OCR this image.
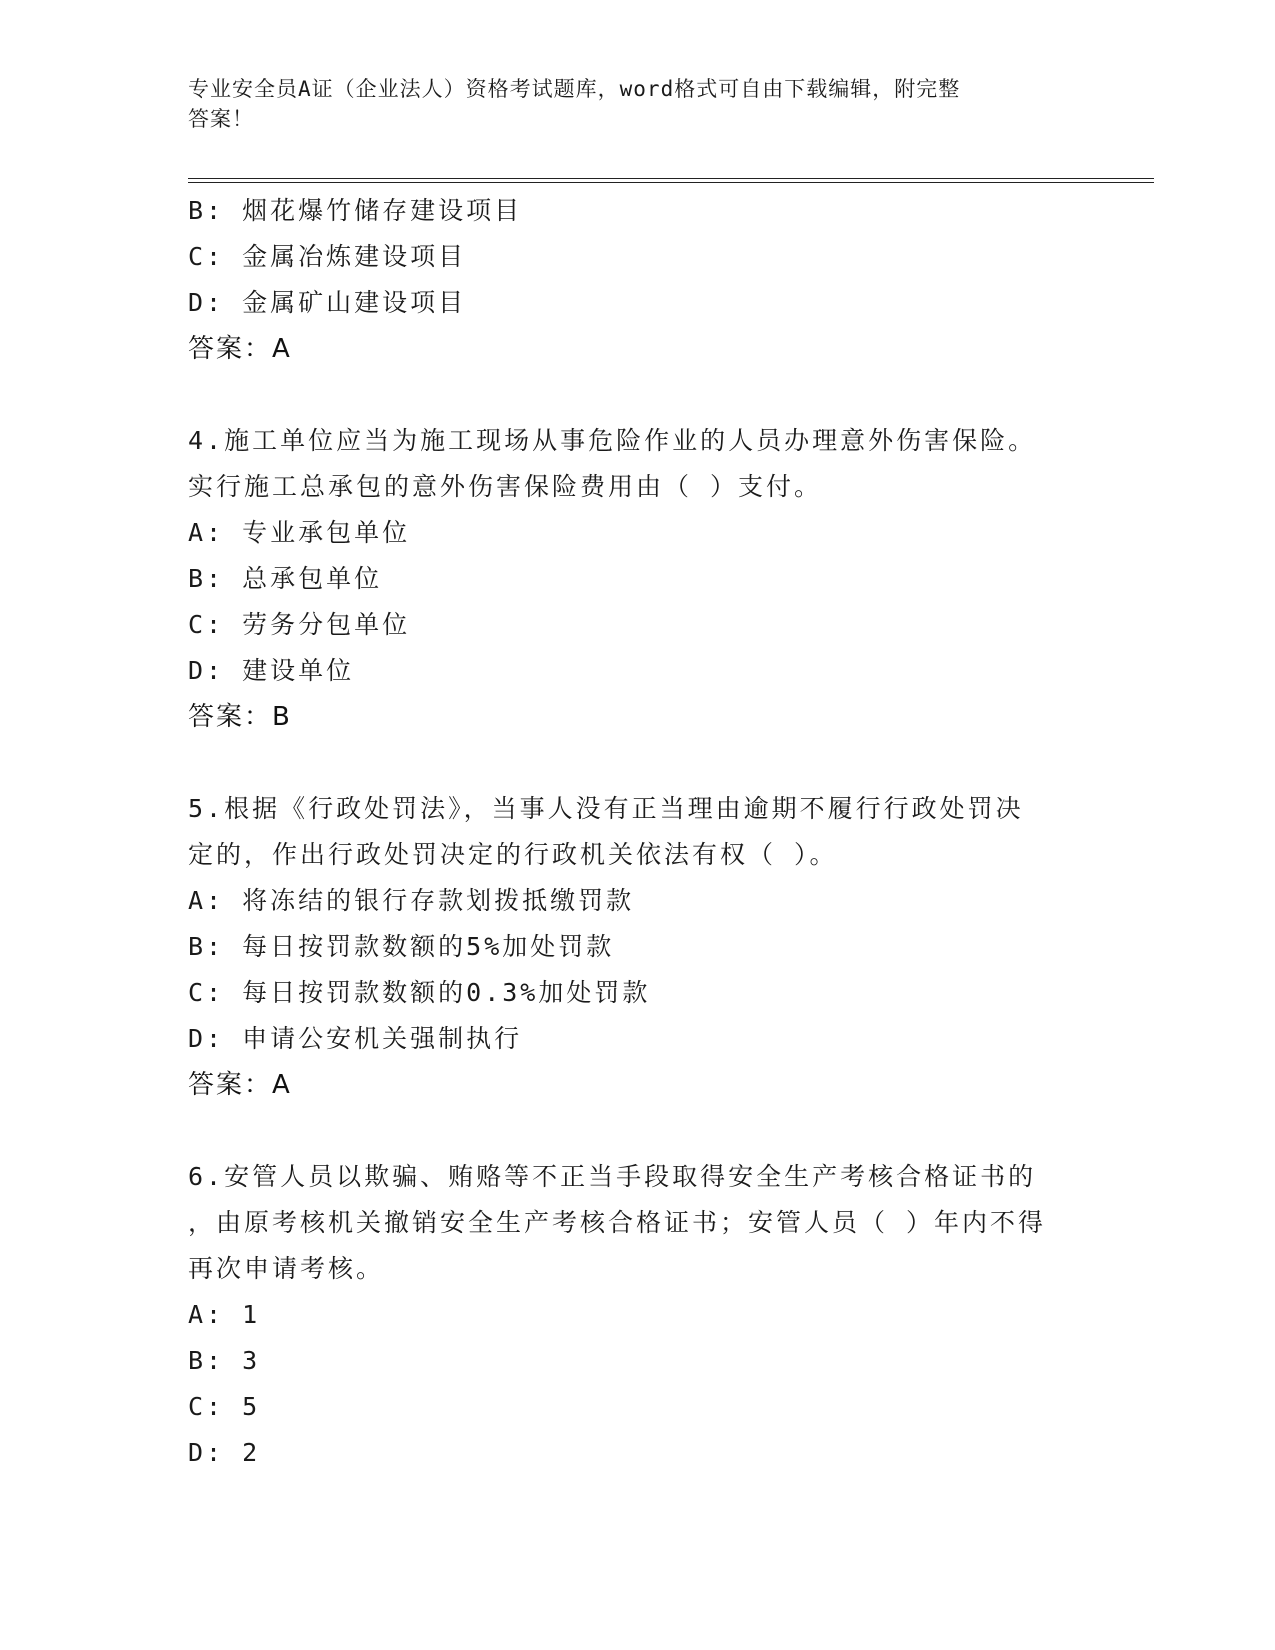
专业安全员A证（企业法人）资格考试题库，word格式可自由下载编辑，附完整
答案！
B: 烟花爆竹储存建设项目
C: 金属冶炼建设项目
D: 金属矿山建设项目
答案：A
4.施工单位应当为施工现场从事危险作业的人员办理意外伤害保险。
实行施工总承包的意外伤害保险费用由（ ）支付。
A: 专业承包单位
B: 总承包单位
C: 劳务分包单位
D: 建设单位
答案：B
5.根据《行政处罚法》，当事人没有正当理由逾期不履行行政处罚决
定的，作出行政处罚决定的行政机关依法有权（ ）。
A: 将冻结的银行存款划拨抵缴罚款
B: 每日按罚款数额的5%加处罚款
C: 每日按罚款数额的0.3%加处罚款
D: 申请公安机关强制执行
答案：A
6.安管人员以欺骗、贿赂等不正当手段取得安全生产考核合格证书的
，由原考核机关撤销安全生产考核合格证书；安管人员（ ）年内不得
再次申请考核。
A: 1
B: 3
C: 5
D: 2
